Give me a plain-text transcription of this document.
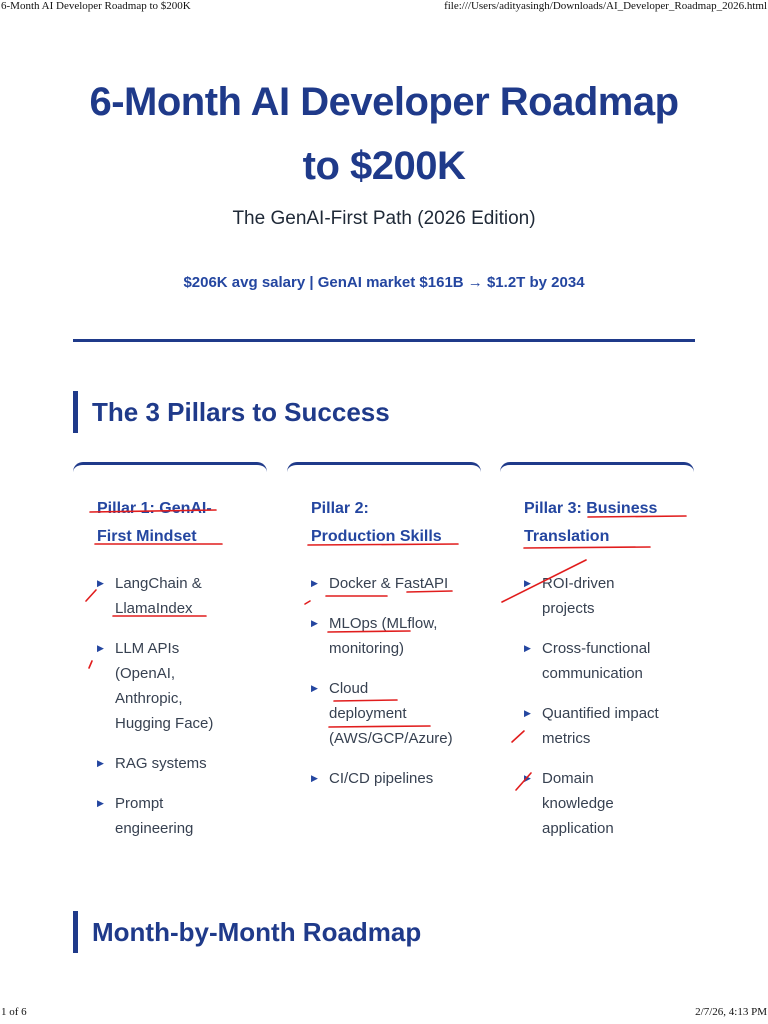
6-Month AI Developer Roadmap to $200K	file:///Users/adityasingh/Downloads/AI_Developer_Roadmap_2026.html
6-Month AI Developer Roadmap
to $200K
The GenAI-First Path (2026 Edition)
$206K avg salary | GenAI market $161B → $1.2T by 2034
The 3 Pillars to Success
Pillar 1: GenAI-
First Mindset
▶ LangChain &
LlamaIndex
▶ LLM APIs
(OpenAI,
Anthropic,
Hugging Face)
▶ RAG systems
▶ Prompt
engineering
Pillar 2:
Production Skills
▶ Docker & FastAPI
▶ MLOps (MLflow,
monitoring)
▶ Cloud
deployment
(AWS/GCP/Azure)
▶ CI/CD pipelines
Pillar 3: Business
Translation
▶ ROI-driven
projects
▶ Cross-functional
communication
▶ Quantified impact
metrics
▶ Domain
knowledge
application
Month-by-Month Roadmap
1 of 6	2/7/26, 4:13 PM
